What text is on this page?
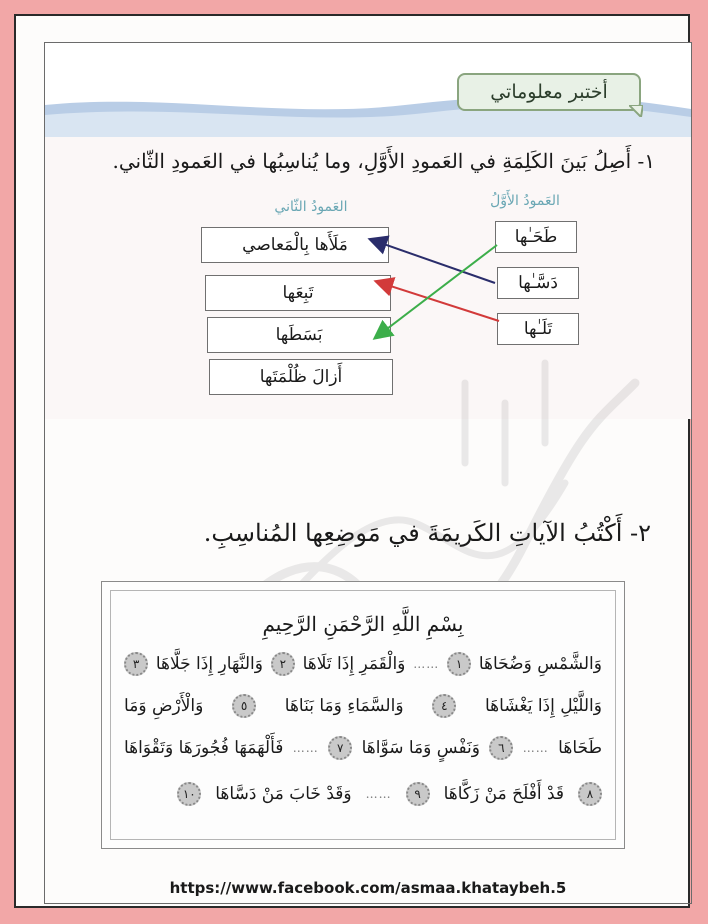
أختبر معلوماتي
١- أَصِلُ بَينَ الكَلِمَةِ في العَمودِ الأَوَّلِ، وما يُناسِبُها في العَمودِ الثّاني.
العَمودُ الأَوَّلُ
العَمودُ الثّاني
طَحَـٰها
دَسَّـٰها
تَلَـٰها
مَلَأَها بِالْمَعاصي
تَبِعَها
بَسَطَها
أَزالَ ظُلْمَتَها
٢- أَكْتُبُ الآياتِ الكَريمَةَ في مَوضِعِها المُناسِبِ.
بِسْمِ اللَّهِ الرَّحْمَنِ الرَّحِيمِ
وَالشَّمْسِ وَضُحَاهَا
١
……
وَالْقَمَرِ إِذَا تَلَاهَا
٢
وَالنَّهَارِ إِذَا جَلَّاهَا
٣
وَاللَّيْلِ إِذَا يَغْشَاهَا
٤
وَالسَّمَاءِ وَمَا بَنَاهَا
٥
وَالْأَرْضِ وَمَا
طَحَاهَا
……
٦
وَنَفْسٍ وَمَا سَوَّاهَا
٧
……
فَأَلْهَمَهَا فُجُورَهَا وَتَقْوَاهَا
٨
قَدْ أَفْلَحَ مَنْ زَكَّاهَا
٩
……
وَقَدْ خَابَ مَنْ دَسَّاهَا
١٠
https://www.facebook.com/asmaa.khataybeh.5
